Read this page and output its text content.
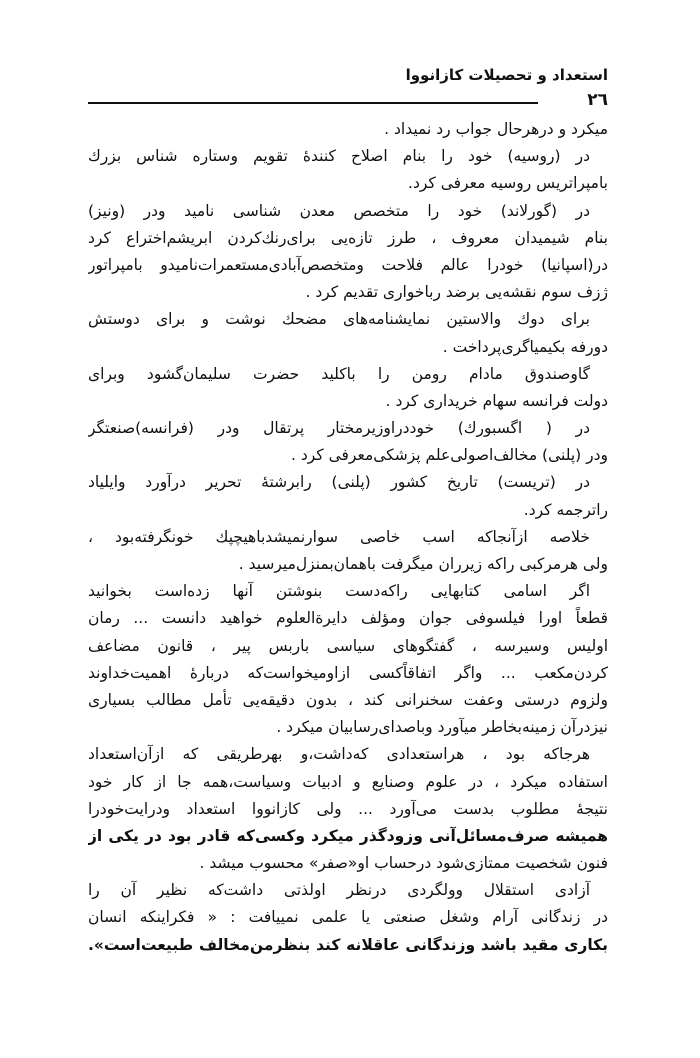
استعداد و تحصیلات کازانووا
۲٦
میکرد و درهرحال جواب رد نمیداد .
در (روسیه) خود را بنام اصلاح کنندهٔ تقویم وستاره شناس بزرك
بامپراتریس روسیه معرفی کرد.
در (گورلاند) خود را متخصص معدن شناسی نامید ودر (ونیز)
بنام شیمیدان معروف ، طرز تازه‌یی برای‌رنك‌کردن ابریشم‌اختراع کرد
در(اسپانیا) خودرا عالم فلاحت ومتخصص‌آبادی‌مستعمرات‌نامیدو بامپراتور
ژزف سوم نقشه‌یی برضد رباخواری تقدیم کرد .
برای دوك والاستین نمایشنامه‌های مضحك نوشت و برای دوستش
دورفه بکیمیاگری‌پرداخت .
گاوصندوق مادام رومن را باکلید حضرت سلیمان‌گشود وبرای
دولت فرانسه سهام خریداری کرد .
در ( اگسبورك) خوددراوزیرمختار پرتقال ودر (فرانسه)صنعتگر
ودر (پلنی) مخالف‌اصولی‌علم پزشکی‌معرفی کرد .
در (تریست) تاریخ کشور (پلنی) رابرشتهٔ تحریر درآورد وایلیاد
راترجمه کرد.
خلاصه ازآنجاکه اسب خاصی سوارنمیشدباهیچپك خونگرفته‌بود ،
ولی هرمرکبی راکه زیرران میگرفت باهمان‌بمنزل‌میرسید .
اگر اسامی کتابهایی راکه‌دست بنوشتن آنها زده‌است بخوانید
قطعاً اورا فیلسوفی جوان ومؤلف دایرةالعلوم خواهید دانست ... رمان
اولیس وسیرسه ، گفتگوهای سیاسی باربس پیر ، قانون مضاعف
کردن‌مکعب ... واگر اتفاقاًکسی ازاومیخواست‌که دربارهٔ اهمیت‌خداوند
ولزوم درستی وعفت سخنرانی کند ، بدون دقیقه‌یی تأمل مطالب بسیاری
نیزدرآن زمینه‌بخاطر میآورد وباصدای‌رسابیان میکرد .
هرجاکه بود ، هراستعدادی که‌داشت،و بهرطریقی که ازآن‌استعداد
استفاده میکرد ، در علوم وصنایع و ادبیات وسیاست،همه جا از کار خود
نتیجهٔ مطلوب بدست می‌آورد ... ولی کازانووا استعداد ودرایت‌خودرا
همیشه صرف‌مسائل‌آنی وزودگذر میکرد وکسی‌که قادر بود در یکی از
فنون شخصیت ممتازی‌شود درحساب او«صفر» محسوب میشد .
آزادی استقلال وولگردی درنظر اولذتی داشت‌که نظیر آن را
در زندگانی آرام وشغل صنعتی یا علمی نمییافت : « فکراینکه انسان
بکاری مقید باشد وزندگانی عاقلانه کند بنظرمن‌مخالف طبیعت‌است».
